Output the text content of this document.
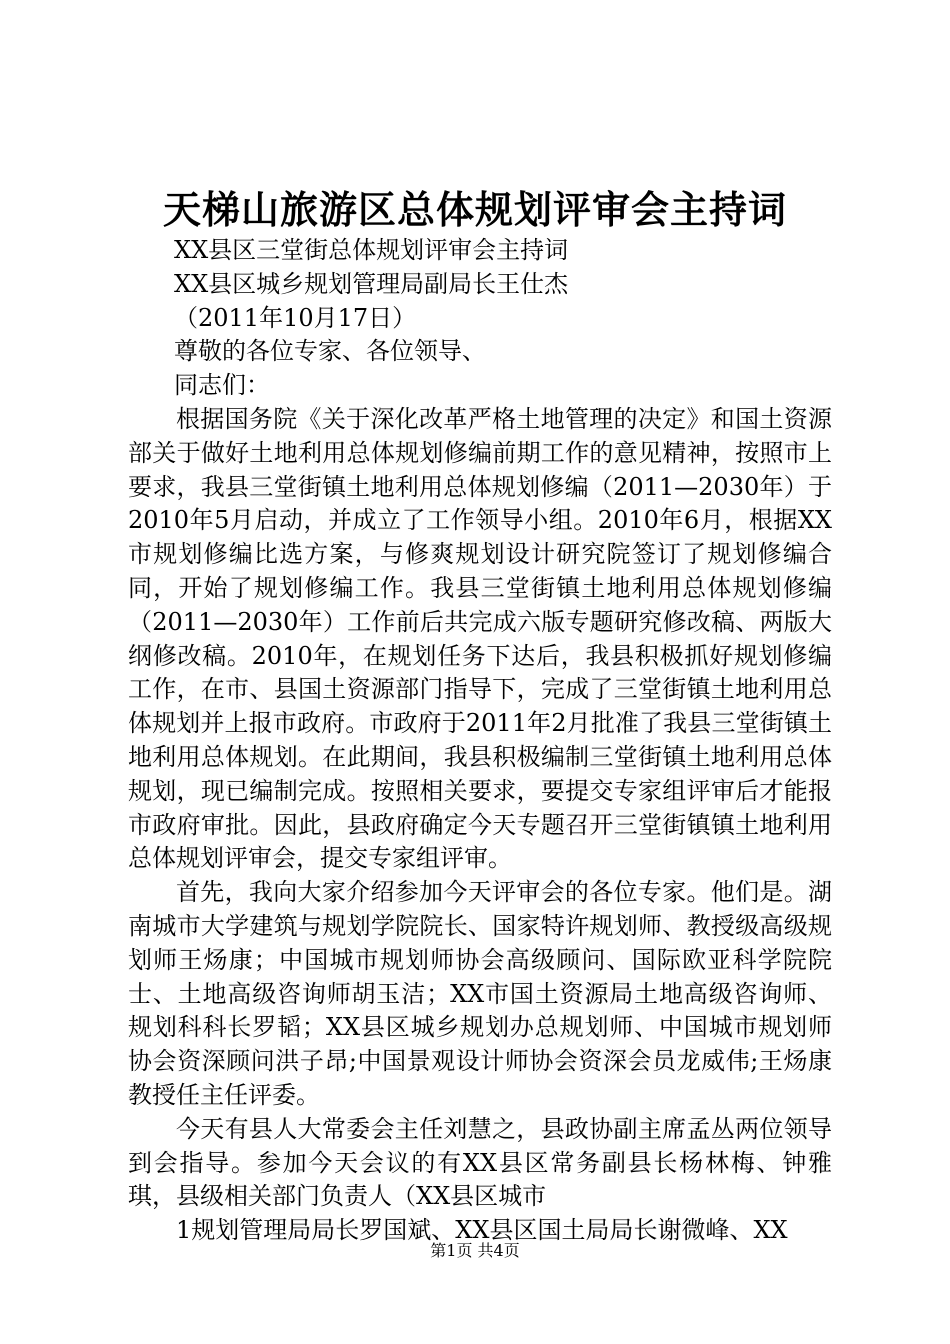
天梯山旅游区总体规划评审会主持词

XX县区三堂街总体规划评审会主持词

XX县区城乡规划管理局副局长王仕杰

（2011年10月17日）

尊敬的各位专家、各位领导、

同志们：

根据国务院《关于深化改革严格土地管理的决定》和国土资源部关于做好土地利用总体规划修编前期工作的意见精神，按照市上要求，我县三堂街镇土地利用总体规划修编（2011—2030年）于2010年5月启动，并成立了工作领导小组。2010年6月，根据XX市规划修编比选方案，与修爽规划设计研究院签订了规划修编合同，开始了规划修编工作。我县三堂街镇土地利用总体规划修编（2011—2030年）工作前后共完成六版专题研究修改稿、两版大纲修改稿。2010年，在规划任务下达后，我县积极抓好规划修编工作，在市、县国土资源部门指导下，完成了三堂街镇土地利用总体规划并上报市政府。市政府于2011年2月批准了我县三堂街镇土地利用总体规划。在此期间，我县积极编制三堂街镇土地利用总体规划，现已编制完成。按照相关要求，要提交专家组评审后才能报市政府审批。因此，县政府确定今天专题召开三堂街镇镇土地利用总体规划评审会，提交专家组评审。

首先，我向大家介绍参加今天评审会的各位专家。他们是。湖南城市大学建筑与规划学院院长、国家特许规划师、教授级高级规划师王炀康；中国城市规划师协会高级顾问、国际欧亚科学院院士、土地高级咨询师胡玉洁；XX市国土资源局土地高级咨询师、规划科科长罗韬；XX县区城乡规划办总规划师、中国城市规划师协会资深顾问洪子昂;中国景观设计师协会资深会员龙威伟;王炀康教授任主任评委。

今天有县人大常委会主任刘慧之，县政协副主席孟丛两位领导到会指导。参加今天会议的有XX县区常务副县长杨林梅、钟雅琪，县级相关部门负责人（XX县区城市

1规划管理局局长罗国斌、XX县区国土局局长谢微峰、XX

第1页 共4页
